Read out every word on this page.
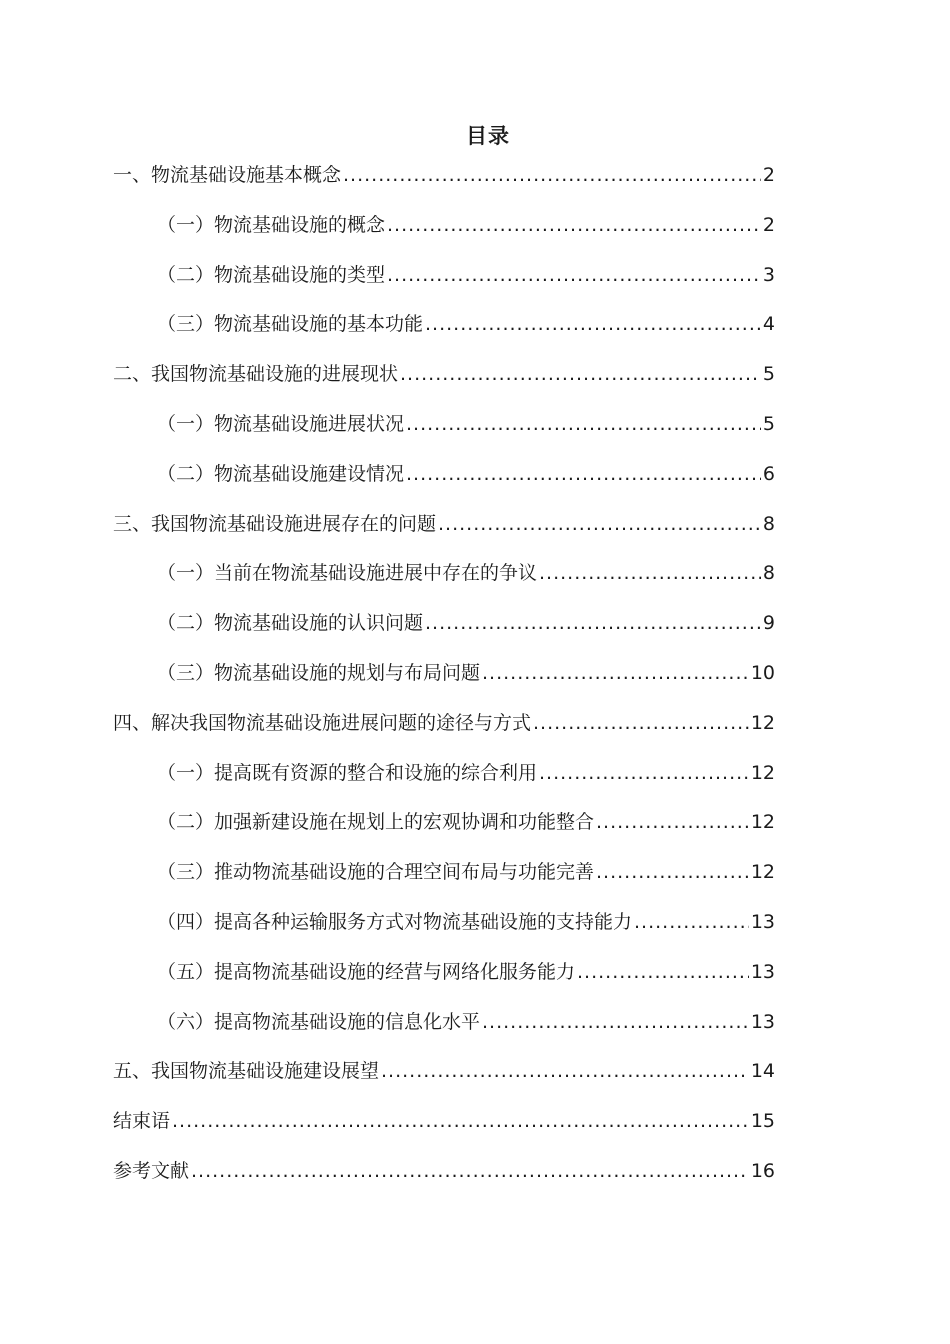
目录
一、物流基础设施基本概念 .....	2
（一）物流基础设施的概念 .....	2
（二）物流基础设施的类型 .....	3
（三）物流基础设施的基本功能 .....	4
二、我国物流基础设施的进展现状 .....	5
（一）物流基础设施进展状况 .....	5
（二）物流基础设施建设情况 .....	6
三、我国物流基础设施进展存在的问题 .....	8
（一）当前在物流基础设施进展中存在的争议 .....	8
（二）物流基础设施的认识问题 .....	9
（三）物流基础设施的规划与布局问题 .....	10
四、解决我国物流基础设施进展问题的途径与方式 .....	12
（一）提高既有资源的整合和设施的综合利用 .....	12
（二）加强新建设施在规划上的宏观协调和功能整合 .....	12
（三）推动物流基础设施的合理空间布局与功能完善 .....	12
（四）提高各种运输服务方式对物流基础设施的支持能力 .....	13
（五）提高物流基础设施的经营与网络化服务能力 .....	13
（六）提高物流基础设施的信息化水平 .....	13
五、我国物流基础设施建设展望 .....	14
结束语 .....	15
参考文献 .....	16
